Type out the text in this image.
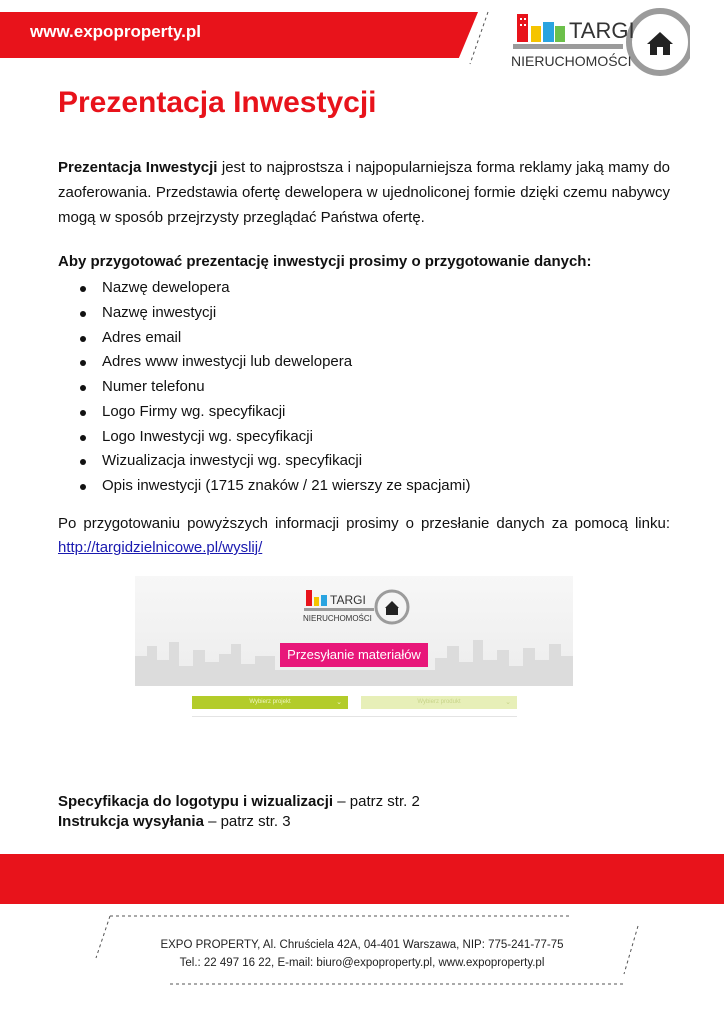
www.expoproperty.pl	TARGI
NIERUCHOMOŚCI
Prezentacja Inwestycji

Prezentacja Inwestycji jest to najprostsza i najpopularniejsza forma reklamy jaką mamy do zaoferowania. Przedstawia ofertę dewelopera w ujednoliconej formie dzięki czemu nabywcy mogą w sposób przejrzysty przeglądać Państwa ofertę.

Aby przygotować prezentację inwestycji prosimy o przygotowanie danych:

Nazwę dewelopera
Nazwę inwestycji
Adres email
Adres www inwestycji lub dewelopera
Numer telefonu
Logo Firmy wg. specyfikacji
Logo Inwestycji wg. specyfikacji
Wizualizacja inwestycji wg. specyfikacji
Opis inwestycji (1715 znaków / 21 wierszy ze spacjami)

Po przygotowaniu powyższych informacji prosimy o przesłanie danych za pomocą linku: http://targidzielnicowe.pl/wyslij/

TARGI
NIERUCHOMOŚCI
Przesyłanie materiałów
Wybierz projekt	⌄	Wybierz produkt	⌄

Specyfikacja do logotypu i wizualizacji – patrz str. 2
Instrukcja wysyłania – patrz str. 3

EXPO PROPERTY, Al. Chruściela 42A, 04-401 Warszawa, NIP: 775-241-77-75

Tel.: 22 497 16 22, E-mail: biuro@expoproperty.pl, www.expoproperty.pl
